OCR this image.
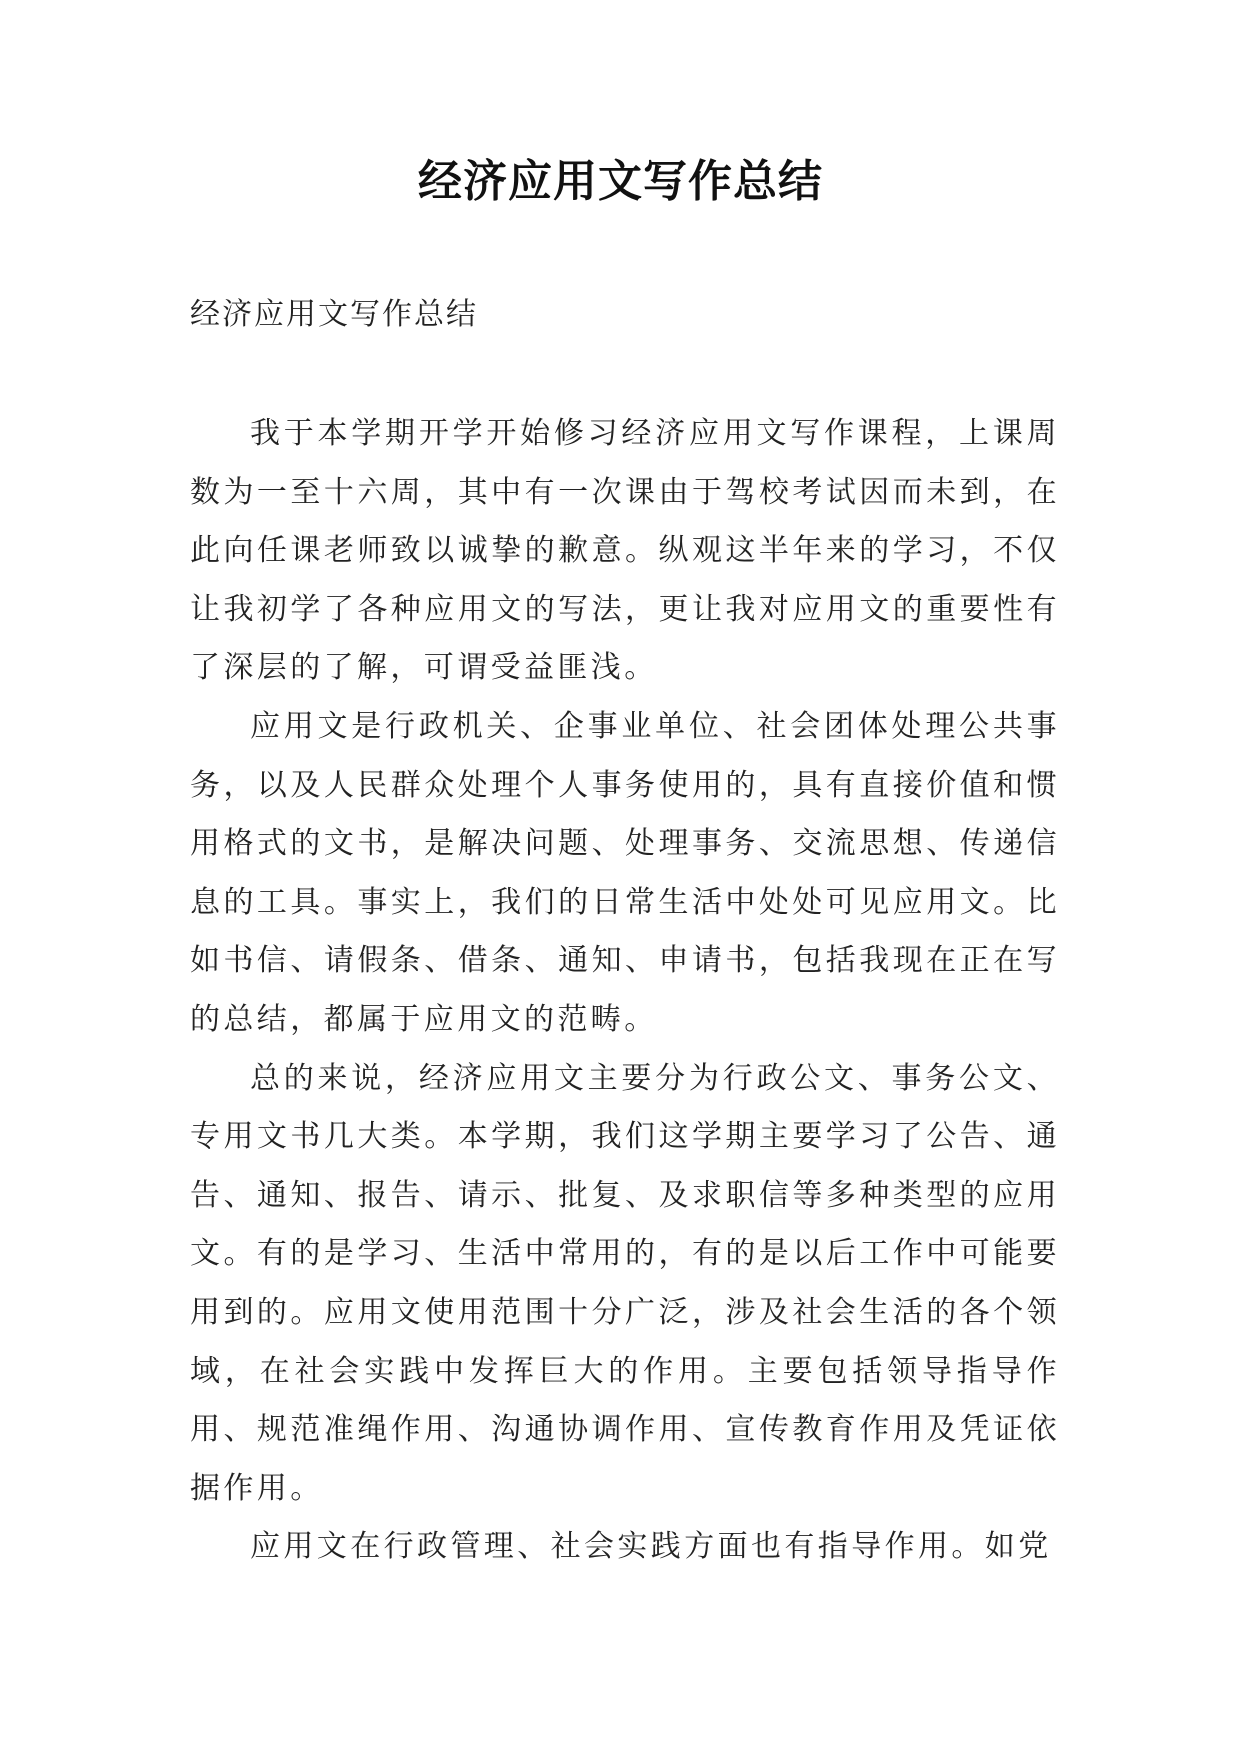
经济应用文写作总结
经济应用文写作总结

我于本学期开学开始修习经济应用文写作课程，上课周数为一至十六周，其中有一次课由于驾校考试因而未到，在此向任课老师致以诚挚的歉意。纵观这半年来的学习，不仅让我初学了各种应用文的写法，更让我对应用文的重要性有了深层的了解，可谓受益匪浅。

应用文是行政机关、企事业单位、社会团体处理公共事务，以及人民群众处理个人事务使用的，具有直接价值和惯用格式的文书，是解决问题、处理事务、交流思想、传递信息的工具。事实上，我们的日常生活中处处可见应用文。比如书信、请假条、借条、通知、申请书，包括我现在正在写的总结，都属于应用文的范畴。

总的来说，经济应用文主要分为行政公文、事务公文、专用文书几大类。本学期，我们这学期主要学习了公告、通告、通知、报告、请示、批复、及求职信等多种类型的应用文。有的是学习、生活中常用的，有的是以后工作中可能要用到的。应用文使用范围十分广泛，涉及社会生活的各个领域，在社会实践中发挥巨大的作用。主要包括领导指导作用、规范准绳作用、沟通协调作用、宣传教育作用及凭证依据作用。

应用文在行政管理、社会实践方面也有指导作用。如党
